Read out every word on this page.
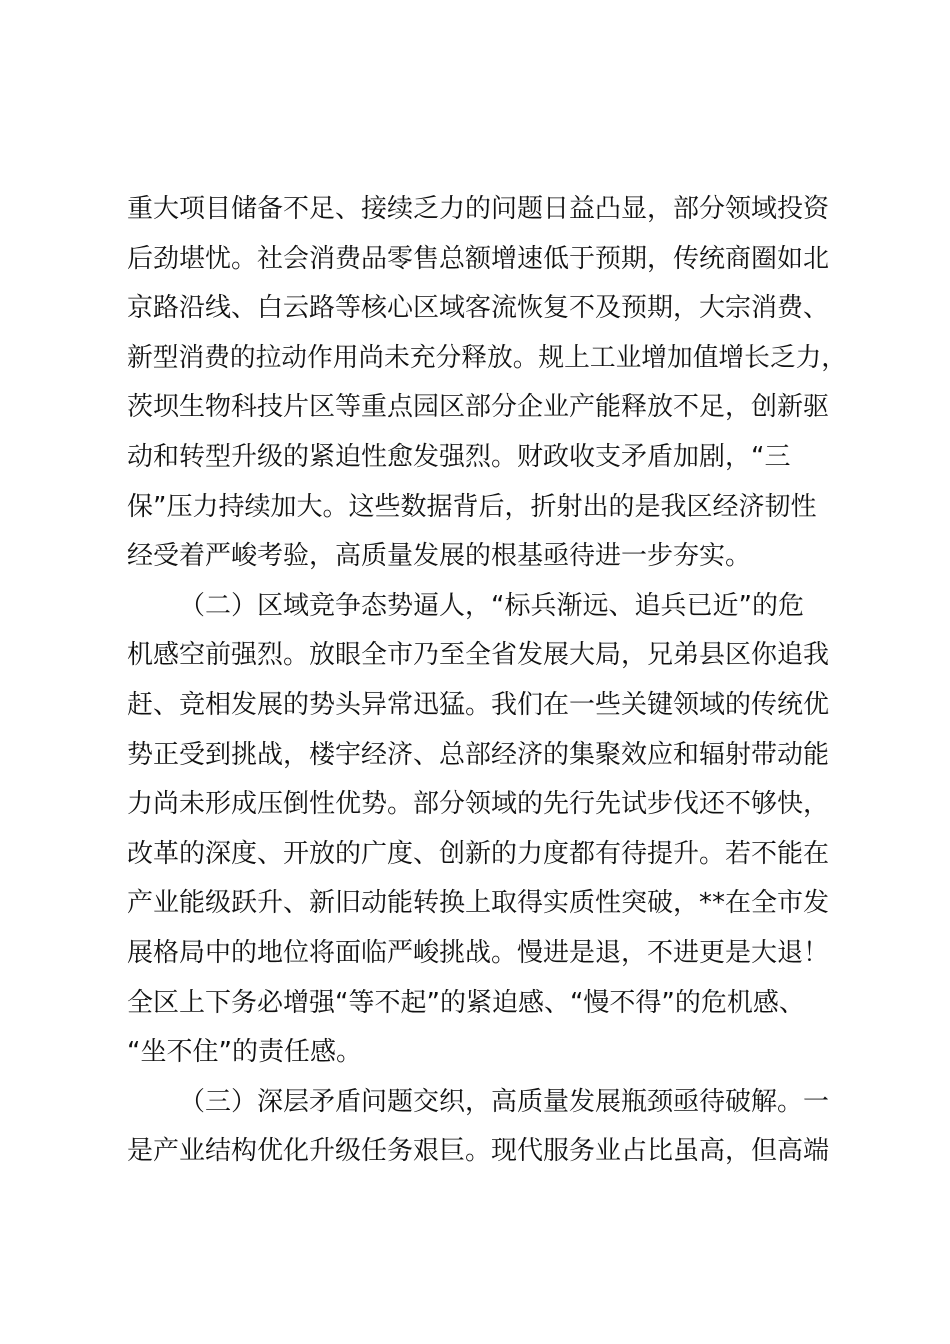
重大项目储备不足、接续乏力的问题日益凸显，部分领域投资
后劲堪忧。社会消费品零售总额增速低于预期，传统商圈如北
京路沿线、白云路等核心区域客流恢复不及预期，大宗消费、
新型消费的拉动作用尚未充分释放。规上工业增加值增长乏力，
茨坝生物科技片区等重点园区部分企业产能释放不足，创新驱
动和转型升级的紧迫性愈发强烈。财政收支矛盾加剧，“三
保”压力持续加大。这些数据背后，折射出的是我区经济韧性
经受着严峻考验，高质量发展的根基亟待进一步夯实。
（二）区域竞争态势逼人，“标兵渐远、追兵已近”的危
机感空前强烈。放眼全市乃至全省发展大局，兄弟县区你追我
赶、竞相发展的势头异常迅猛。我们在一些关键领域的传统优
势正受到挑战，楼宇经济、总部经济的集聚效应和辐射带动能
力尚未形成压倒性优势。部分领域的先行先试步伐还不够快，
改革的深度、开放的广度、创新的力度都有待提升。若不能在
产业能级跃升、新旧动能转换上取得实质性突破，**在全市发
展格局中的地位将面临严峻挑战。慢进是退，不进更是大退！
全区上下务必增强“等不起”的紧迫感、“慢不得”的危机感、
“坐不住”的责任感。
（三）深层矛盾问题交织，高质量发展瓶颈亟待破解。一
是产业结构优化升级任务艰巨。现代服务业占比虽高，但高端
